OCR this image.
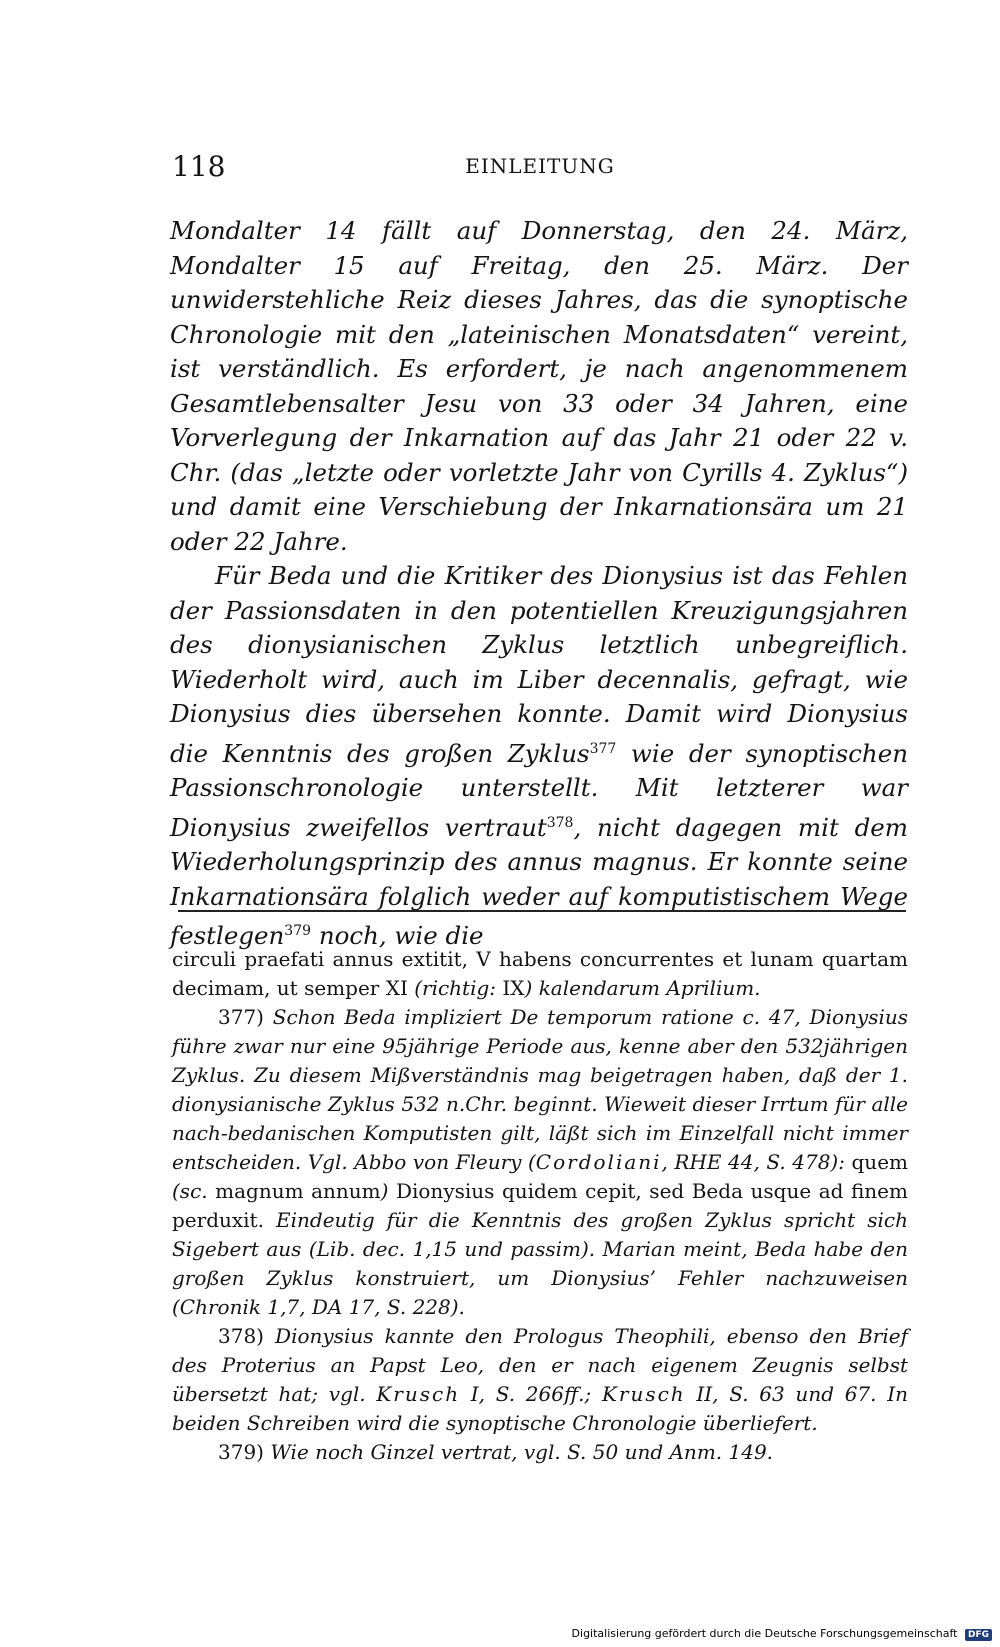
118	EINLEITUNG

Mondalter 14 fällt auf Donnerstag, den 24. März, Mondalter 15 auf Freitag, den 25. März. Der unwiderstehliche Reiz dieses Jahres, das die synoptische Chronologie mit den „lateinischen Monatsdaten“ vereint, ist verständlich. Es erfordert, je nach angenommenem Gesamtlebensalter Jesu von 33 oder 34 Jahren, eine Vorverlegung der Inkarnation auf das Jahr 21 oder 22 v. Chr. (das „letzte oder vorletzte Jahr von Cyrills 4. Zyklus“) und damit eine Verschiebung der Inkarnationsära um 21 oder 22 Jahre.

Für Beda und die Kritiker des Dionysius ist das Fehlen der Passionsdaten in den potentiellen Kreuzigungsjahren des dionysianischen Zyklus letztlich unbegreiflich. Wiederholt wird, auch im Liber decennalis, gefragt, wie Dionysius dies übersehen konnte. Damit wird Dionysius die Kenntnis des großen Zyklus$^{377}$ wie der synoptischen Passionschronologie unterstellt. Mit letzterer war Dionysius zweifellos vertraut$^{378}$, nicht dagegen mit dem Wiederholungsprinzip des annus magnus. Er konnte seine Inkarnationsära folglich weder auf komputistischem Wege festlegen$^{379}$ noch, wie die

circuli praefati annus extitit, V habens concurrentes et lunam quartam decimam, ut semper XI (richtig: IX) kalendarum Aprilium.

377) Schon Beda impliziert De temporum ratione c. 47, Dionysius führe zwar nur eine 95jährige Periode aus, kenne aber den 532jährigen Zyklus. Zu diesem Mißverständnis mag beigetragen haben, daß der 1. dionysianische Zyklus 532 n.Chr. beginnt. Wieweit dieser Irrtum für alle nach-bedanischen Komputisten gilt, läßt sich im Einzelfall nicht immer entscheiden. Vgl. Abbo von Fleury (Cordoliani, RHE 44, S. 478): quem (sc. magnum annum) Dionysius quidem cepit, sed Beda usque ad finem perduxit. Eindeutig für die Kenntnis des großen Zyklus spricht sich Sigebert aus (Lib. dec. 1,15 und passim). Marian meint, Beda habe den großen Zyklus konstruiert, um Dionysius’ Fehler nachzuweisen (Chronik 1,7, DA 17, S. 228).

378) Dionysius kannte den Prologus Theophili, ebenso den Brief des Proterius an Papst Leo, den er nach eigenem Zeugnis selbst übersetzt hat; vgl. Krusch I, S. 266ff.; Krusch II, S. 63 und 67. In beiden Schreiben wird die synoptische Chronologie überliefert.

379) Wie noch Ginzel vertrat, vgl. S. 50 und Anm. 149.

Digitalisierung gefördert durch die Deutsche Forschungsgemeinschaft DFG
